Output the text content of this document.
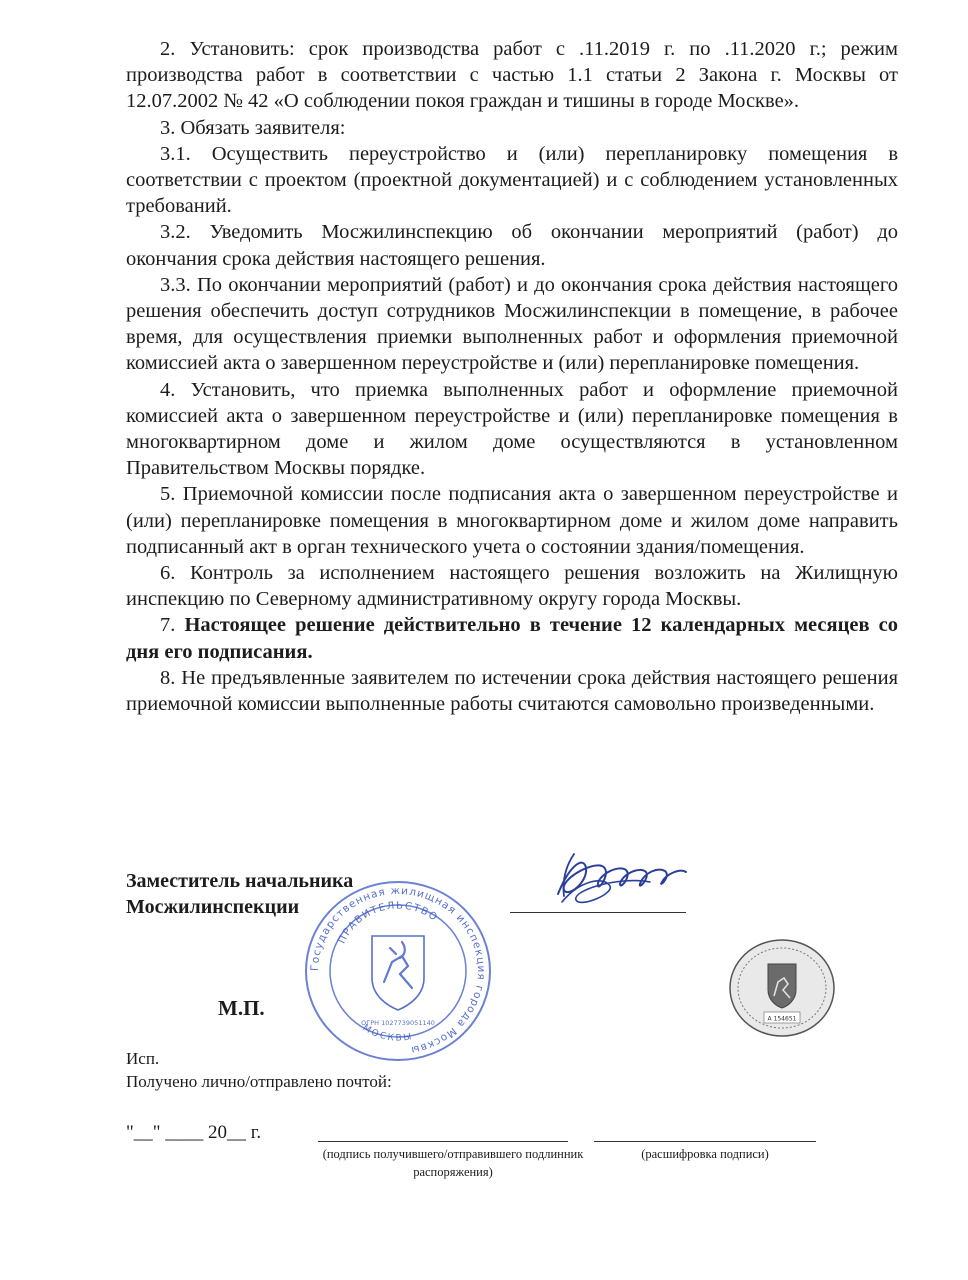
2. Установить: срок производства работ с .11.2019 г. по .11.2020 г.; режим производства работ в соответствии с частью 1.1 статьи 2 Закона г. Москвы от 12.07.2002 № 42 «О соблюдении покоя граждан и тишины в городе Москве».

3. Обязать заявителя:

3.1. Осуществить переустройство и (или) перепланировку помещения в соответствии с проектом (проектной документацией) и с соблюдением установленных требований.

3.2. Уведомить Мосжилинспекцию об окончании мероприятий (работ) до окончания срока действия настоящего решения.

3.3. По окончании мероприятий (работ) и до окончания срока действия настоящего решения обеспечить доступ сотрудников Мосжилинспекции в помещение, в рабочее время, для осуществления приемки выполненных работ и оформления приемочной комиссией акта о завершенном переустройстве и (или) перепланировке помещения.

4. Установить, что приемка выполненных работ и оформление приемочной комиссией акта о завершенном переустройстве и (или) перепланировке помещения в многоквартирном доме и жилом доме осуществляются в установленном Правительством Москвы порядке.

5. Приемочной комиссии после подписания акта о завершенном переустройстве и (или) перепланировке помещения в многоквартирном доме и жилом доме направить подписанный акт в орган технического учета о состоянии здания/помещения.

6. Контроль за исполнением настоящего решения возложить на Жилищную инспекцию по Северному административному округу города Москвы.

7. Настоящее решение действительно в течение 12 календарных месяцев со дня его подписания.

8. Не предъявленные заявителем по истечении срока действия настоящего решения приемочной комиссии выполненные работы считаются самовольно произведенными.

Заместитель начальника
Мосжилинспекции
Государственная жилищная инспекция города Москвы
ПРАВИТЕЛЬСТВО
МОСКВЫ
ОГРН 1027739051140
М.П.	А 154651
Исп.
Получено лично/отправлено почтой:
"__" ____ 20__ г.
(подпись получившего/отправившего подлинник распоряжения)
(расшифровка подписи)
